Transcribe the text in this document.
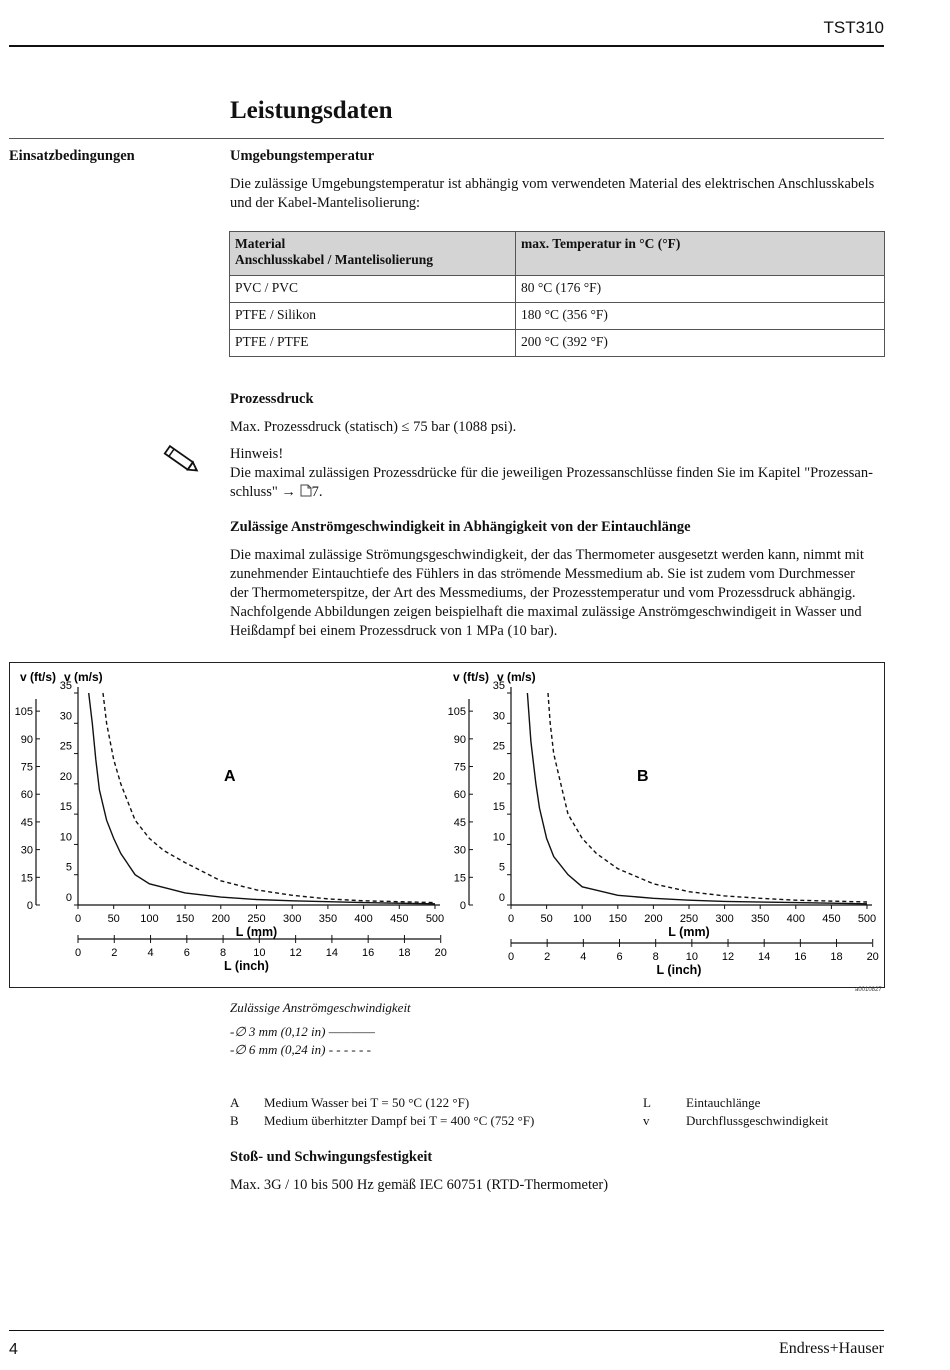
TST310
Leistungsdaten
Einsatzbedingungen	Umgebungstemperatur
Die zulässige Umgebungstemperatur ist abhängig vom verwendeten Material des elektrischen Anschlusskabels
und der Kabel-Mantelisolierung:
Material
Anschlusskabel / Mantelisolierung	max. Temperatur in °C (°F)
PVC / PVC	80 °C (176 °F)
PTFE / Silikon	180 °C (356 °F)
PTFE / PTFE	200 °C (392 °F)
Prozessdruck
Max. Prozessdruck (statisch) ≤ 75 bar (1088 psi).
Hinweis!
Die maximal zulässigen Prozessdrücke für die jeweiligen Prozessanschlüsse finden Sie im Kapitel "Prozessan-
schluss" → 7.
Zulässige Anströmgeschwindigkeit in Abhängigkeit von der Eintauchlänge
Die maximal zulässige Strömungsgeschwindigkeit, der das Thermometer ausgesetzt werden kann, nimmt mit
zunehmender Eintauchtiefe des Fühlers in das strömende Messmedium ab. Sie ist zudem vom Durchmesser
der Thermometerspitze, der Art des Messmediums, der Prozesstemperatur und vom Prozessdruck abhängig.
Nachfolgende Abbildungen zeigen beispielhaft die maximal zulässige Anströmgeschwindigeit in Wasser und
Heißdampf bei einem Prozessdruck von 1 MPa (10 bar).
v (ft/s) v (m/s)
L (mm)
L (inch)
0
5
10
15
20
25
30
35
0
15
30
45
60
75
90
105
0 50 100 150 200 250 300 350 400 450 500
0	2	4	6	8 10 12 14 16 18 20
A
v (ft/s) v (m/s)
L (mm)
L (inch)
0
5
10
15
20
25
30
35
0
15
30
45
60
75
90
105
0 50 100 150 200 250 300 350 400 450 500
0	2	4	6	8 10 12 14 16 18 20
B
a0010827
Zulässige Anströmgeschwindigkeit
-∅ 3 mm (0,12 in) ————
-∅ 6 mm (0,24 in) - - - - - -
A Medium Wasser bei T = 50 °C (122 °F)
B Medium überhitzter Dampf bei T = 400 °C (752 °F)
L	Eintauchlänge
v	Durchflussgeschwindigkeit
Stoß- und Schwingungsfestigkeit
Max. 3G / 10 bis 500 Hz gemäß IEC 60751 (RTD-Thermometer)
4	Endress+Hauser
